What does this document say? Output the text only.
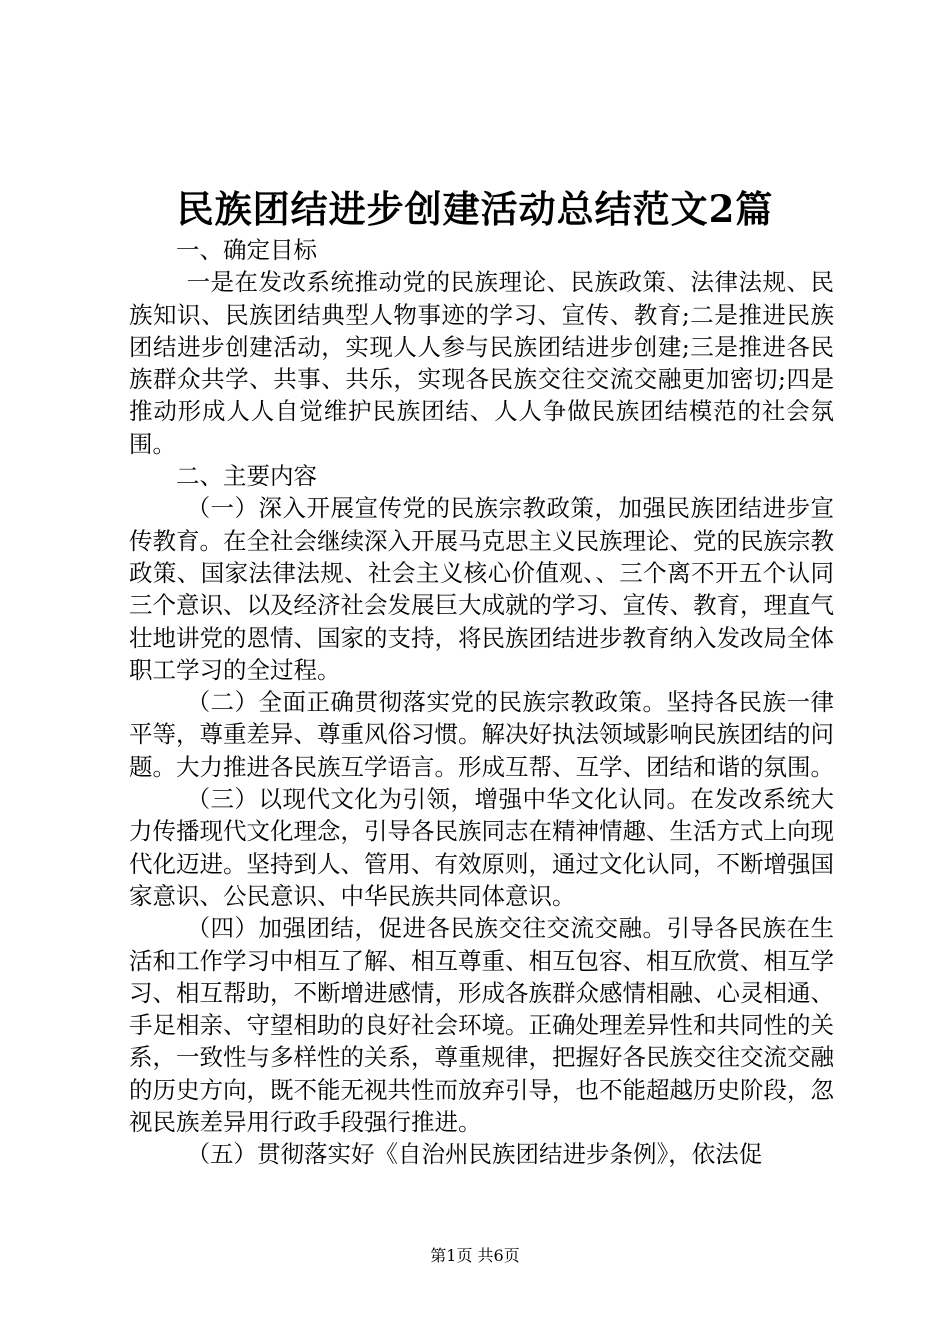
民族团结进步创建活动总结范文2篇

一、确定目标

一是在发改系统推动党的民族理论、民族政策、法律法规、民族知识、民族团结典型人物事迹的学习、宣传、教育;二是推进民族团结进步创建活动，实现人人参与民族团结进步创建;三是推进各民族群众共学、共事、共乐，实现各民族交往交流交融更加密切;四是推动形成人人自觉维护民族团结、人人争做民族团结模范的社会氛围。

二、主要内容

（一）深入开展宣传党的民族宗教政策，加强民族团结进步宣传教育。在全社会继续深入开展马克思主义民族理论、党的民族宗教政策、国家法律法规、社会主义核心价值观、、三个离不开五个认同三个意识、以及经济社会发展巨大成就的学习、宣传、教育，理直气壮地讲党的恩情、国家的支持，将民族团结进步教育纳入发改局全体职工学习的全过程。

（二）全面正确贯彻落实党的民族宗教政策。坚持各民族一律平等，尊重差异、尊重风俗习惯。解决好执法领域影响民族团结的问题。大力推进各民族互学语言。形成互帮、互学、团结和谐的氛围。

（三）以现代文化为引领，增强中华文化认同。在发改系统大力传播现代文化理念，引导各民族同志在精神情趣、生活方式上向现代化迈进。坚持到人、管用、有效原则，通过文化认同，不断增强国家意识、公民意识、中华民族共同体意识。

（四）加强团结，促进各民族交往交流交融。引导各民族在生活和工作学习中相互了解、相互尊重、相互包容、相互欣赏、相互学习、相互帮助，不断增进感情，形成各族群众感情相融、心灵相通、手足相亲、守望相助的良好社会环境。正确处理差异性和共同性的关系，一致性与多样性的关系，尊重规律，把握好各民族交往交流交融的历史方向，既不能无视共性而放弃引导，也不能超越历史阶段，忽视民族差异用行政手段强行推进。

（五）贯彻落实好《自治州民族团结进步条例》，依法促

第1页 共6页
